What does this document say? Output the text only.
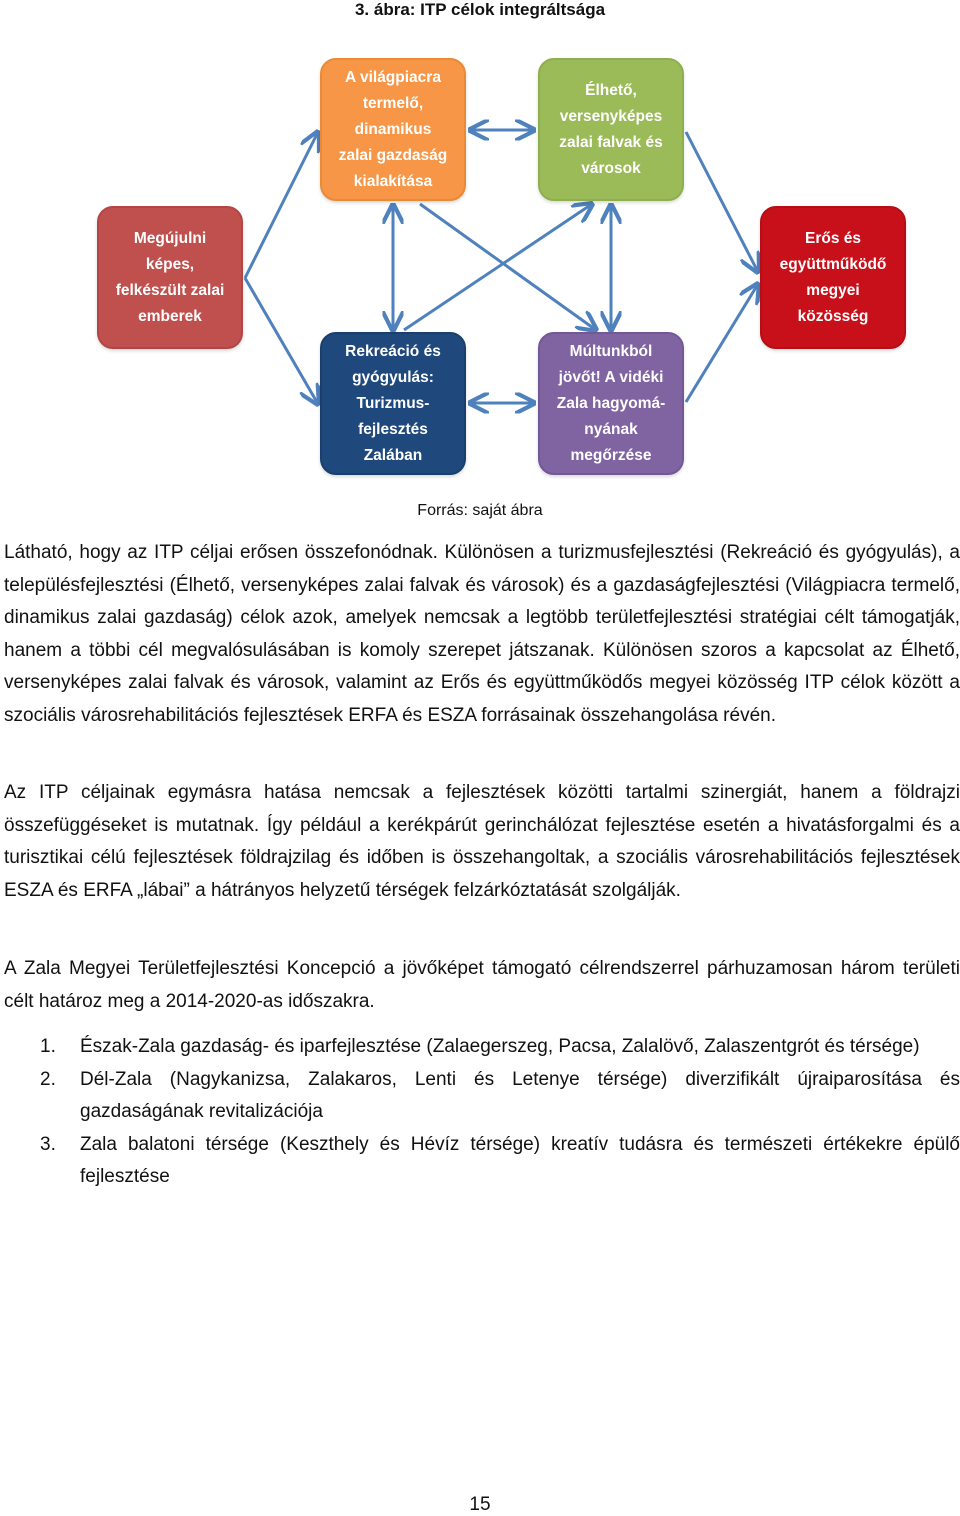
3. ábra: ITP célok integráltsága
A világpiacra
termelő,
dinamikus
zalai gazdaság
kialakítása
Élhető,
versenyképes
zalai falvak és
városok
Megújulni
képes,
felkészült zalai
emberek
Erős és
együttműködő
megyei
közösség
Rekreáció és
gyógyulás:
Turizmus-
fejlesztés
Zalában
Múltunkból
jövőt! A vidéki
Zala hagyomá-
nyának
megőrzése
Forrás: saját ábra

Látható, hogy az ITP céljai erősen összefonódnak. Különösen a turizmusfejlesztési (Rekreáció és gyógyulás), a településfejlesztési (Élhető, versenyképes zalai falvak és városok) és a gazdaságfejlesztési (Világpiacra termelő, dinamikus zalai gazdaság) célok azok, amelyek nemcsak a legtöbb területfejlesztési stratégiai célt támogatják, hanem a többi cél megvalósulásában is komoly szerepet játszanak. Különösen szoros a kapcsolat az Élhető, versenyképes zalai falvak és városok, valamint az Erős és együttműködős megyei közösség ITP célok között a szociális városrehabilitációs fejlesztések ERFA és ESZA forrásainak összehangolása révén.

Az ITP céljainak egymásra hatása nemcsak a fejlesztések közötti tartalmi szinergiát, hanem a földrajzi összefüggéseket is mutatnak. Így például a kerékpárút gerinchálózat fejlesztése esetén a hivatásforgalmi és a turisztikai célú fejlesztések földrajzilag és időben is összehangoltak, a szociális városrehabilitációs fejlesztések ESZA és ERFA „lábai” a hátrányos helyzetű térségek felzárkóztatását szolgálják.

A Zala Megyei Területfejlesztési Koncepció a jövőképet támogató célrendszerrel párhuzamosan három területi célt határoz meg a 2014-2020-as időszakra.

1. Észak-Zala gazdaság- és iparfejlesztése (Zalaegerszeg, Pacsa, Zalalövő, Zalaszentgrót és térsége)
2. Dél-Zala (Nagykanizsa, Zalakaros, Lenti és Letenye térsége) diverzifikált újraiparosítása és gazdaságának revitalizációja
3. Zala balatoni térsége (Keszthely és Hévíz térsége) kreatív tudásra és természeti értékekre épülő fejlesztése
15
